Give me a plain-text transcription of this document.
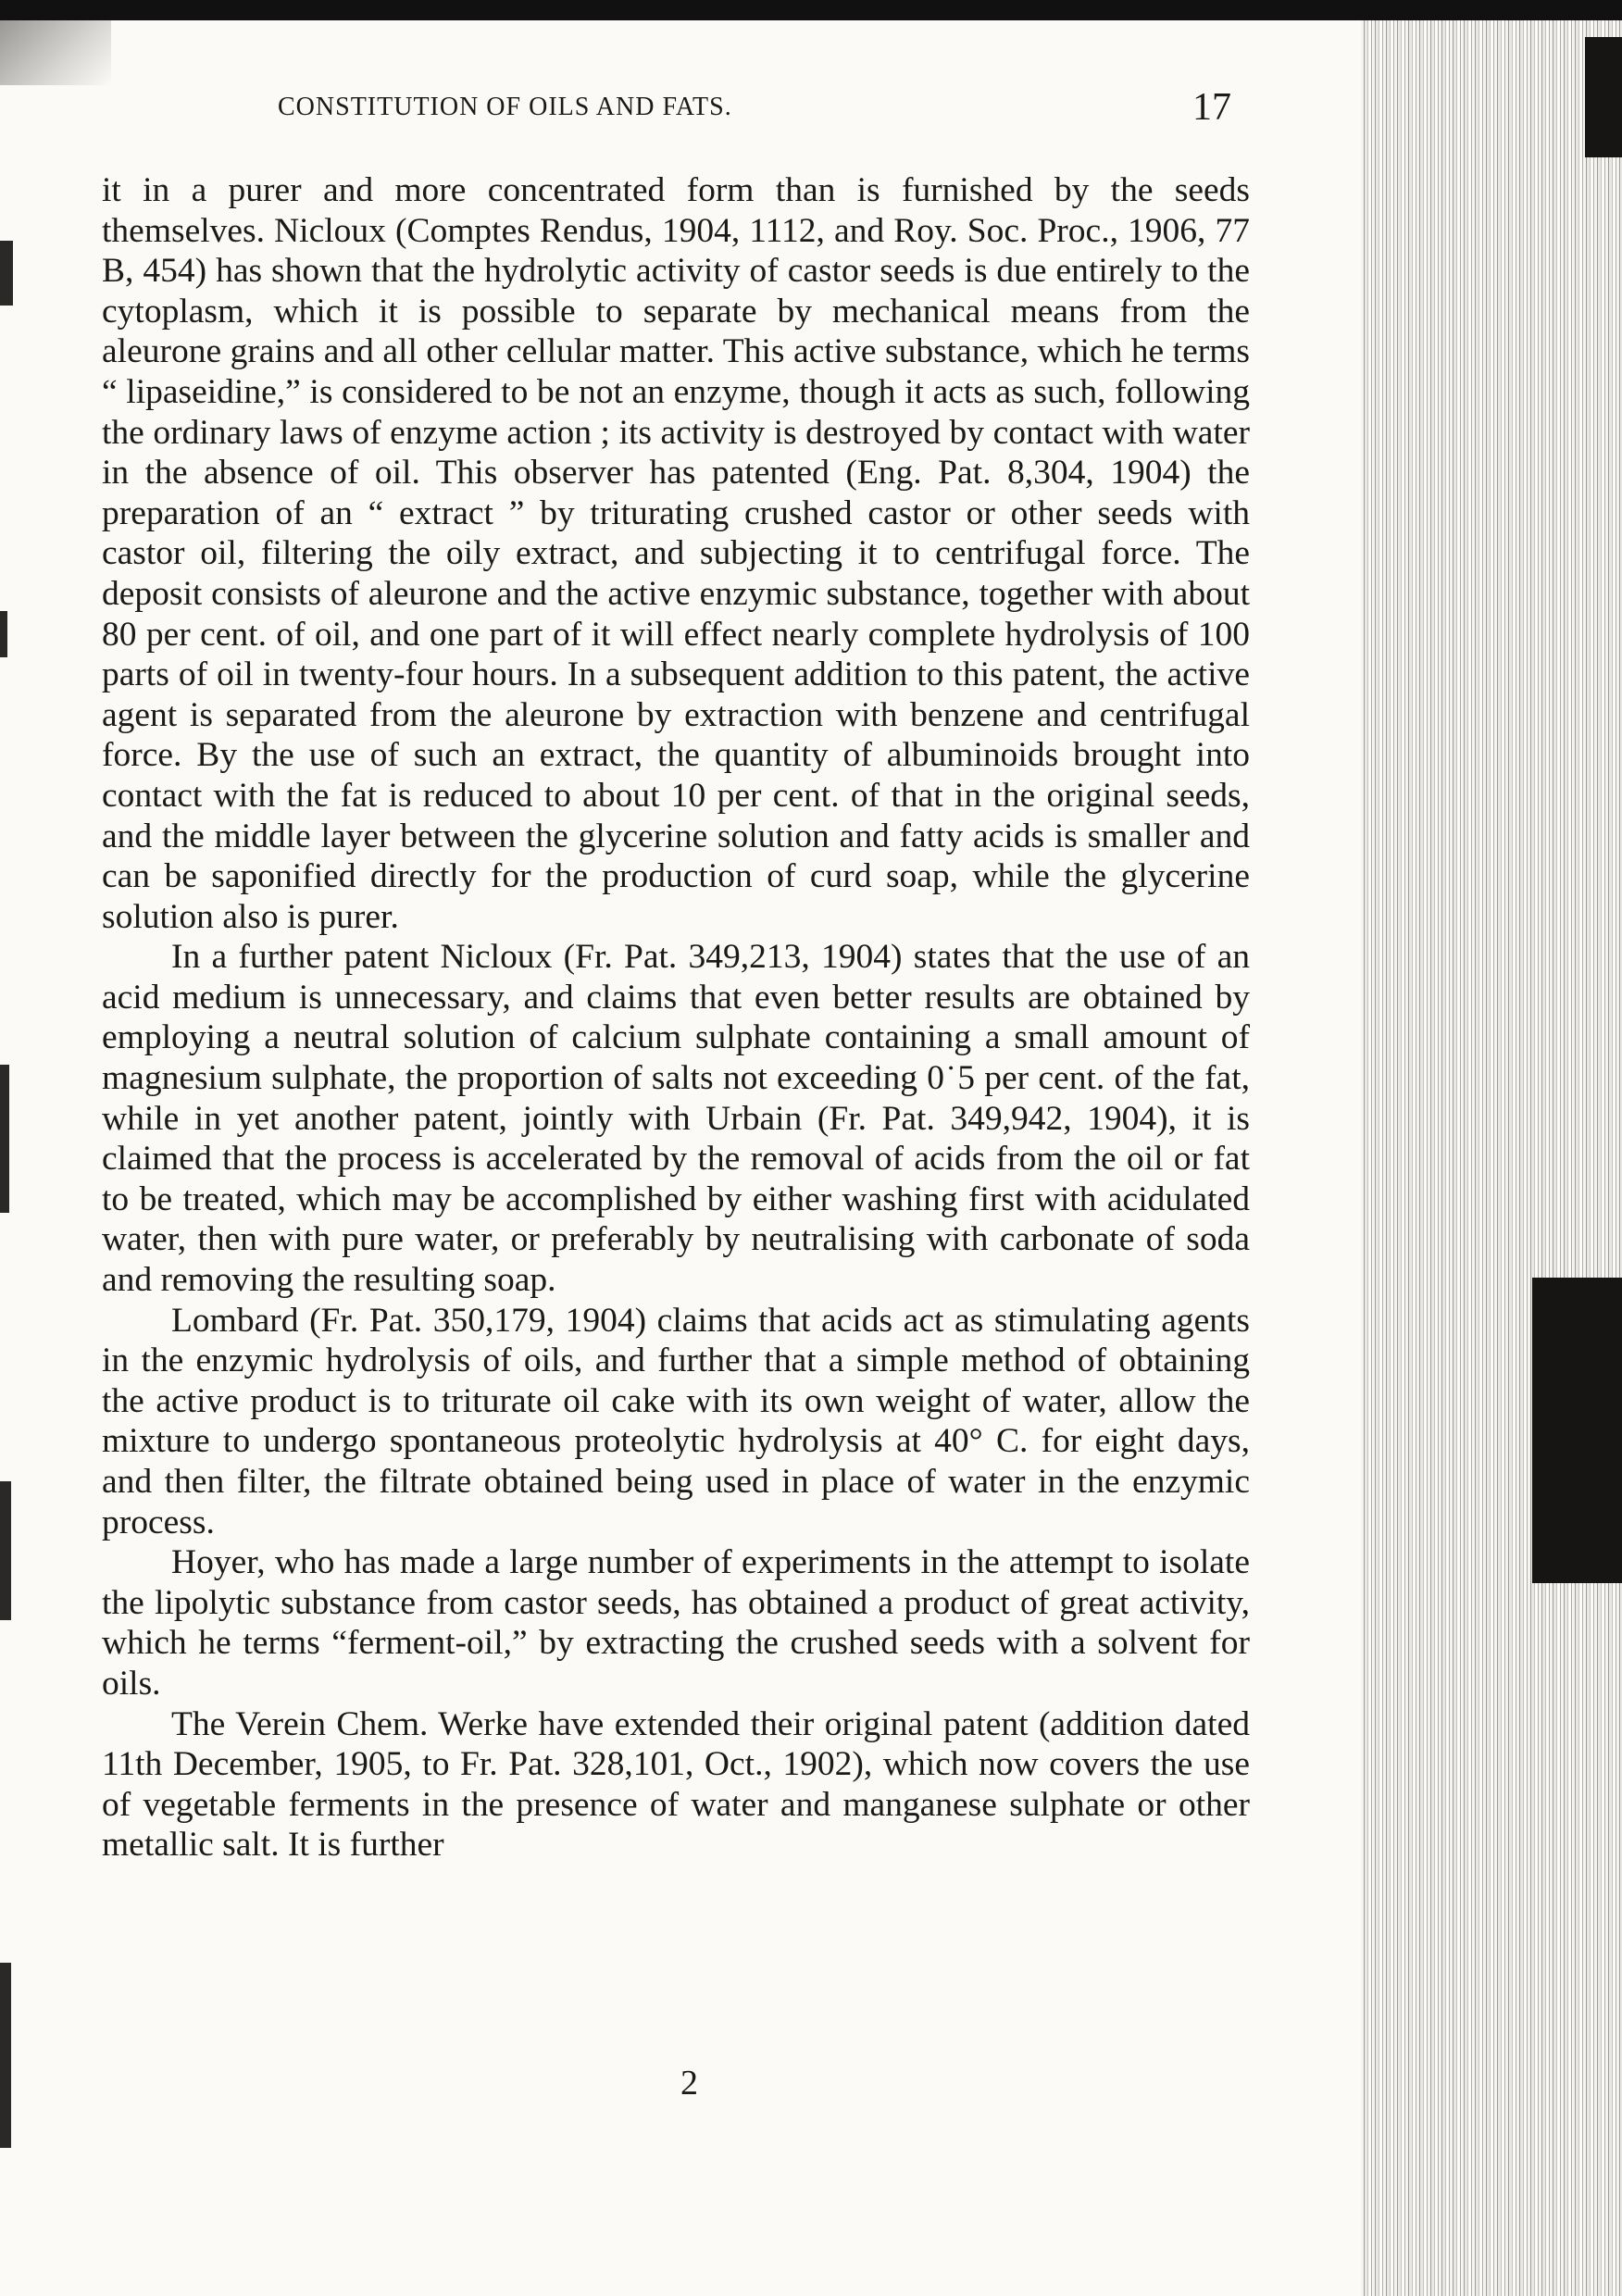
CONSTITUTION OF OILS AND FATS.	17

it in a purer and more concentrated form than is furnished by the seeds themselves. Nicloux (Comptes Rendus, 1904, 1112, and Roy. Soc. Proc., 1906, 77 B, 454) has shown that the hydrolytic activity of castor seeds is due entirely to the cytoplasm, which it is possible to separate by mechanical means from the aleurone grains and all other cellular matter. This active substance, which he terms “ lipaseidine,” is considered to be not an enzyme, though it acts as such, following the ordinary laws of enzyme action ; its activity is destroyed by contact with water in the absence of oil. This observer has patented (Eng. Pat. 8,304, 1904) the preparation of an “ extract ” by triturating crushed castor or other seeds with castor oil, filtering the oily extract, and subjecting it to centrifugal force. The deposit consists of aleurone and the active enzymic substance, together with about 80 per cent. of oil, and one part of it will effect nearly complete hydrolysis of 100 parts of oil in twenty-four hours. In a subsequent addition to this patent, the active agent is separated from the aleurone by extraction with benzene and centrifugal force. By the use of such an extract, the quantity of albuminoids brought into contact with the fat is reduced to about 10 per cent. of that in the original seeds, and the middle layer between the glycerine solution and fatty acids is smaller and can be saponified directly for the production of curd soap, while the glycerine solution also is purer.

In a further patent Nicloux (Fr. Pat. 349,213, 1904) states that the use of an acid medium is unnecessary, and claims that even better results are obtained by employing a neutral solution of calcium sulphate containing a small amount of magnesium sulphate, the proportion of salts not exceeding 0˙5 per cent. of the fat, while in yet another patent, jointly with Urbain (Fr. Pat. 349,942, 1904), it is claimed that the process is accelerated by the removal of acids from the oil or fat to be treated, which may be accomplished by either washing first with acidulated water, then with pure water, or preferably by neutralising with carbonate of soda and removing the resulting soap.

Lombard (Fr. Pat. 350,179, 1904) claims that acids act as stimulating agents in the enzymic hydrolysis of oils, and further that a simple method of obtaining the active product is to triturate oil cake with its own weight of water, allow the mixture to undergo spontaneous proteolytic hydrolysis at 40° C. for eight days, and then filter, the filtrate obtained being used in place of water in the enzymic process.

Hoyer, who has made a large number of experiments in the attempt to isolate the lipolytic substance from castor seeds, has obtained a product of great activity, which he terms “ferment-oil,” by extracting the crushed seeds with a solvent for oils.

The Verein Chem. Werke have extended their original patent (addition dated 11th December, 1905, to Fr. Pat. 328,101, Oct., 1902), which now covers the use of vegetable ferments in the presence of water and manganese sulphate or other metallic salt. It is further

2
